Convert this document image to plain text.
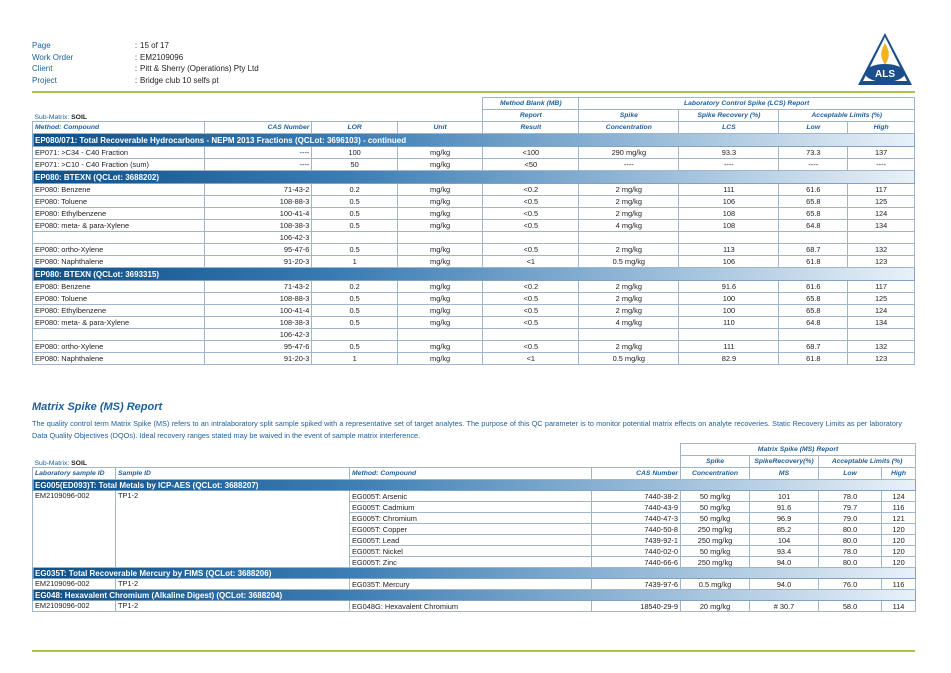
Page	: 15 of 17
Work Order	: EM2109096
Client	: Pitt & Sherry (Operations) Pty Ltd
Project	: Bridge club 10 selfs pt	ALS
Sub-Matrix: SOIL				Method Blank (MB)	Laboratory Control Spike (LCS) Report			
				Report	Spike	Spike Recovery (%)	Acceptable Limits (%)	
Method: Compound	CAS Number	LOR	Unit	Result	Concentration	LCS	Low	High
EP080/071: Total Recoverable Hydrocarbons - NEPM 2013 Fractions (QCLot: 3696103) - continued								
EP071: >C34 - C40 Fraction	----	100	mg/kg	<100	290 mg/kg	93.3	73.3	137
EP071: >C10 - C40 Fraction (sum)	----	50	mg/kg	<50	----	----	----	----
EP080: BTEXN (QCLot: 3688202)								
EP080: Benzene	71-43-2	0.2	mg/kg	<0.2	2 mg/kg	111	61.6	117
EP080: Toluene	108-88-3	0.5	mg/kg	<0.5	2 mg/kg	106	65.8	125
EP080: Ethylbenzene	100-41-4	0.5	mg/kg	<0.5	2 mg/kg	108	65.8	124
EP080: meta- & para-Xylene	108-38-3	0.5	mg/kg	<0.5	4 mg/kg	108	64.8	134
	106-42-3							
EP080: ortho-Xylene	95-47-6	0.5	mg/kg	<0.5	2 mg/kg	113	68.7	132
EP080: Naphthalene	91-20-3	1	mg/kg	<1	0.5 mg/kg	106	61.8	123
EP080: BTEXN (QCLot: 3693315)								
EP080: Benzene	71-43-2	0.2	mg/kg	<0.2	2 mg/kg	91.6	61.6	117
EP080: Toluene	108-88-3	0.5	mg/kg	<0.5	2 mg/kg	100	65.8	125
EP080: Ethylbenzene	100-41-4	0.5	mg/kg	<0.5	2 mg/kg	100	65.8	124
EP080: meta- & para-Xylene	108-38-3	0.5	mg/kg	<0.5	4 mg/kg	110	64.8	134
	106-42-3							
EP080: ortho-Xylene	95-47-6	0.5	mg/kg	<0.5	2 mg/kg	111	68.7	132
EP080: Naphthalene	91-20-3	1	mg/kg	<1	0.5 mg/kg	82.9	61.8	123
Matrix Spike (MS) Report
The quality control term Matrix Spike (MS) refers to an intralaboratory split sample spiked with a representative set of target analytes. The purpose of this QC parameter is to monitor potential matrix effects on analyte recoveries. Static Recovery Limits as per laboratory Data Quality Objectives (DQOs). Ideal recovery ranges stated may be waived in the event of sample matrix interference.
Sub-Matrix: SOIL				Matrix Spike (MS) Report			
				Spike	SpikeRecovery(%)	Acceptable Limits (%)	
Laboratory sample ID	Sample ID	Method: Compound	CAS Number	Concentration	MS	Low	High
EG005(ED093)T: Total Metals by ICP-AES (QCLot: 3688207)							
EM2109096-002	TP1-2	EG005T: Arsenic	7440-38-2	50 mg/kg	101	78.0	124
		EG005T: Cadmium	7440-43-9	50 mg/kg	91.6	79.7	116
		EG005T: Chromium	7440-47-3	50 mg/kg	96.9	79.0	121
		EG005T: Copper	7440-50-8	250 mg/kg	85.2	80.0	120
		EG005T: Lead	7439-92-1	250 mg/kg	104	80.0	120
		EG005T: Nickel	7440-02-0	50 mg/kg	93.4	78.0	120
		EG005T: Zinc	7440-66-6	250 mg/kg	94.0	80.0	120
EG035T: Total Recoverable Mercury by FIMS (QCLot: 3688206)							
EM2109096-002	TP1-2	EG035T: Mercury	7439-97-6	0.5 mg/kg	94.0	76.0	116
EG048: Hexavalent Chromium (Alkaline Digest) (QCLot: 3688204)							
EM2109096-002	TP1-2	EG048G: Hexavalent Chromium	18540-29-9	20 mg/kg	# 30.7	58.0	114
